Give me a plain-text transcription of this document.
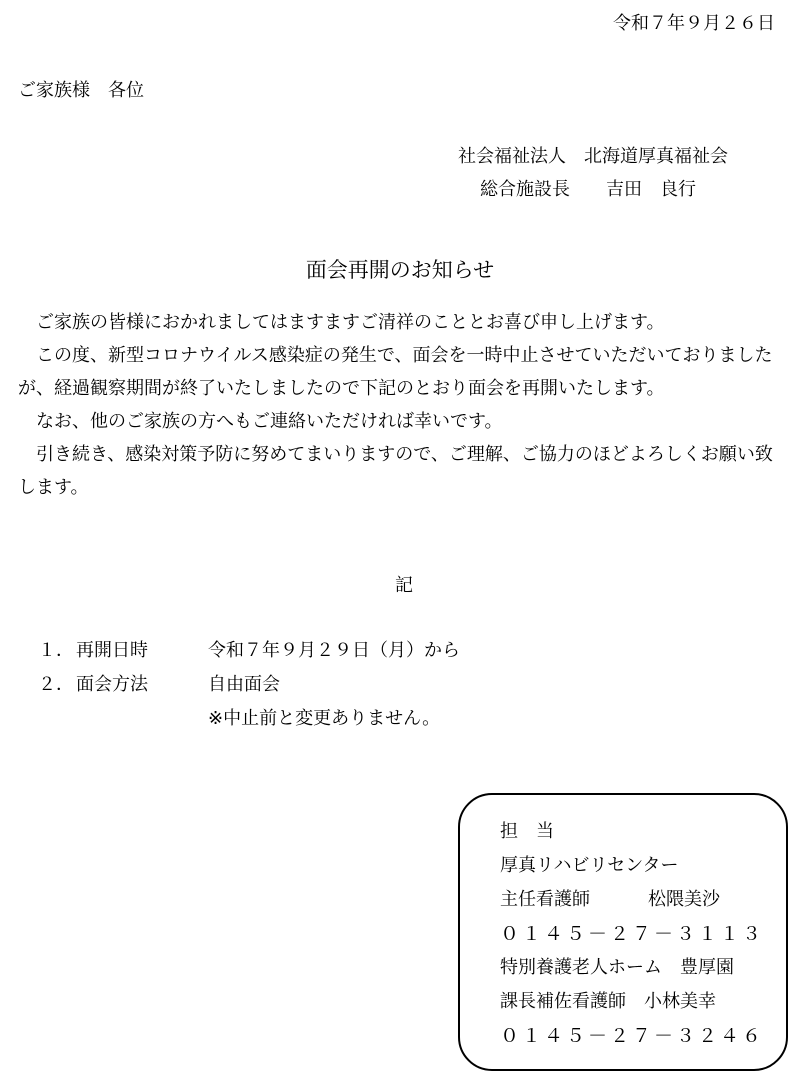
令和７年９月２６日
ご家族様　各位
社会福祉法人　北海道厚真福祉会
総合施設長 吉田　良行
面会再開のお知らせ

ご家族の皆様におかれましてはますますご清祥のこととお喜び申し上げます。

この度、新型コロナウイルス感染症の発生で、面会を一時中止させていただいておりましたが、経過観察期間が終了いたしましたので下記のとおり面会を再開いたします。

なお、他のご家族の方へもご連絡いただければ幸いです。

引き続き、感染対策予防に努めてまいりますので、ご理解、ご協力のほどよろしくお願い致します。

記
１． 再開日時	令和７年９月２９日（月）から
２． 面会方法	自由面会
※中止前と変更ありません。
担　当
厚真リハビリセンター
主任看護師	松隈美沙
０１４５－２７－３１１３
特別養護老人ホーム　豊厚園
課長補佐看護師　小林美幸
０１４５－２７－３２４６
